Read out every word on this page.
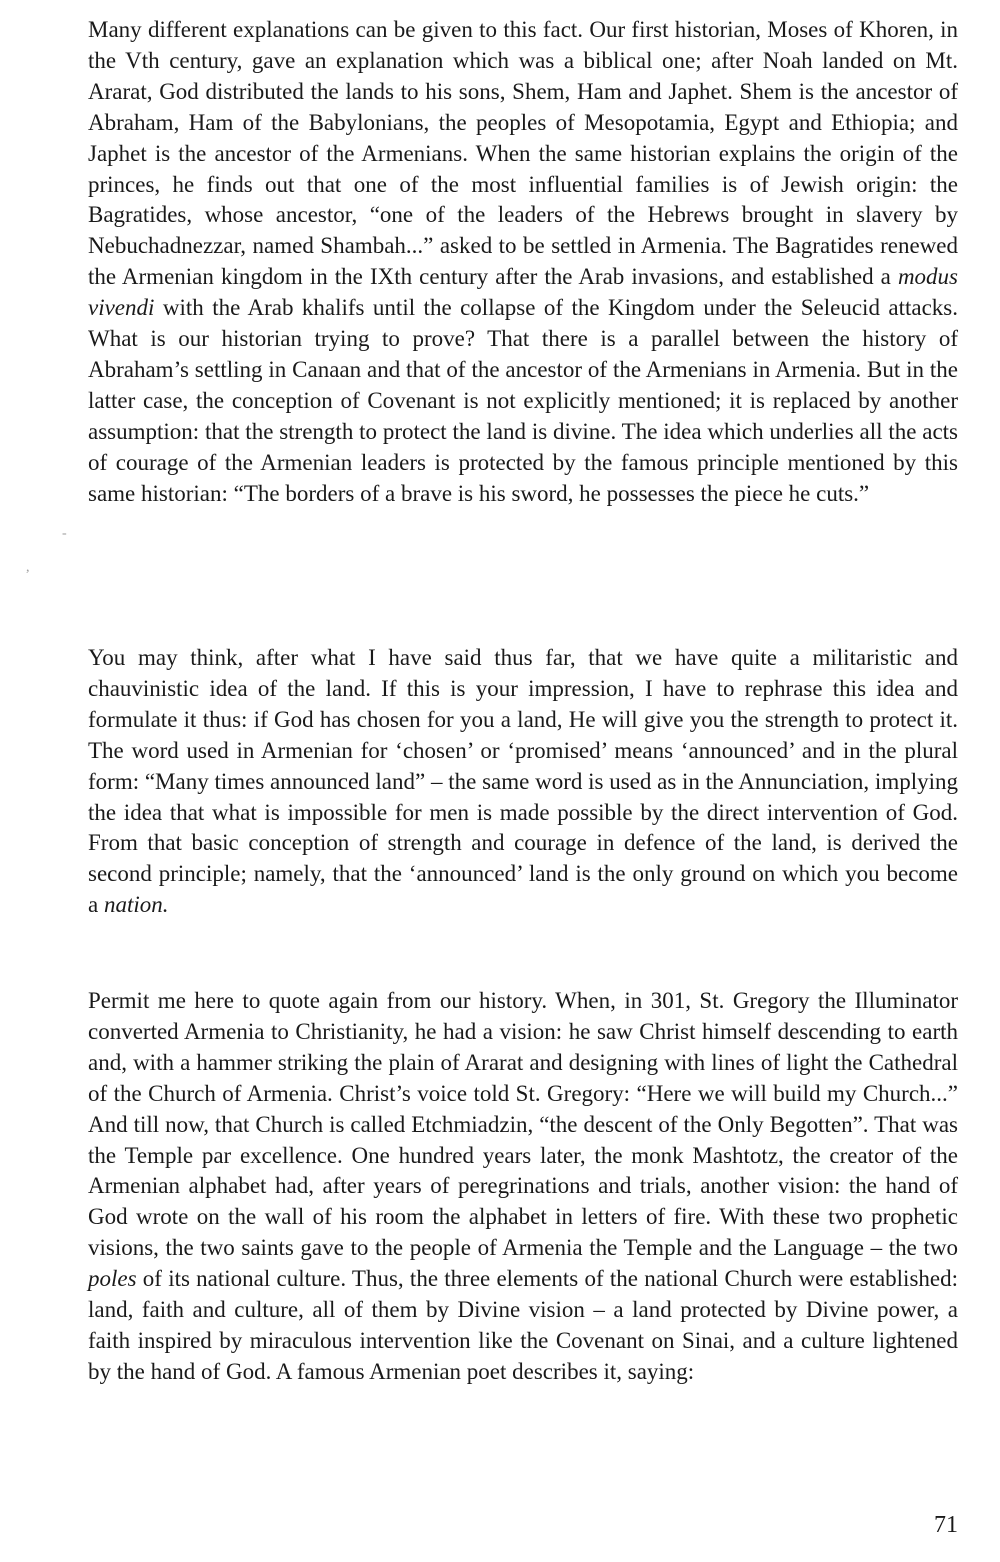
Many different explanations can be given to this fact. Our first historian, Moses of Khoren, in the Vth century, gave an explanation which was a biblical one; after Noah landed on Mt. Ararat, God distributed the lands to his sons, Shem, Ham and Japhet. Shem is the ancestor of Abraham, Ham of the Babylonians, the peoples of Mesopotamia, Egypt and Ethiopia; and Japhet is the ancestor of the Armenians. When the same historian explains the origin of the princes, he finds out that one of the most influential families is of Jewish origin: the Bagratides, whose ancestor, “one of the leaders of the Hebrews brought in slavery by Nebuchadnezzar, named Shambah...” asked to be settled in Armenia. The Bagratides renewed the Armenian kingdom in the IXth century after the Arab invasions, and established a modus vivendi with the Arab khalifs until the collapse of the Kingdom under the Seleucid attacks. What is our historian trying to prove? That there is a parallel between the history of Abraham’s settling in Canaan and that of the ancestor of the Armenians in Armenia. But in the latter case, the conception of Covenant is not explicitly mentioned; it is replaced by another assumption: that the strength to protect the land is divine. The idea which underlies all the acts of courage of the Armenian leaders is protected by the famous principle mentioned by this same historian: “The borders of a brave is his sword, he possesses the piece he cuts.”

You may think, after what I have said thus far, that we have quite a militaristic and chauvinistic idea of the land. If this is your impression, I have to rephrase this idea and formulate it thus: if God has chosen for you a land, He will give you the strength to protect it. The word used in Armenian for ‘chosen’ or ‘promised’ means ‘announced’ and in the plural form: “Many times announced land” – the same word is used as in the Annunciation, implying the idea that what is impossible for men is made possible by the direct intervention of God. From that basic conception of strength and courage in defence of the land, is derived the second principle; namely, that the ‘announced’ land is the only ground on which you become a nation.

Permit me here to quote again from our history. When, in 301, St. Gregory the Illuminator converted Armenia to Christianity, he had a vision: he saw Christ himself descending to earth and, with a hammer striking the plain of Ararat and designing with lines of light the Cathedral of the Church of Armenia. Christ’s voice told St. Gregory: “Here we will build my Church...” And till now, that Church is called Etchmiadzin, “the descent of the Only Begotten”. That was the Temple par excellence. One hundred years later, the monk Mashtotz, the creator of the Armenian alphabet had, after years of peregrinations and trials, another vision: the hand of God wrote on the wall of his room the alphabet in letters of fire. With these two prophetic visions, the two saints gave to the people of Armenia the Temple and the Language – the two poles of its national culture. Thus, the three elements of the national Church were established: land, faith and culture, all of them by Divine vision – a land protected by Divine power, a faith inspired by miraculous intervention like the Covenant on Sinai, and a culture lightened by the hand of God. A famous Armenian poet describes it, saying:

71
-
,
